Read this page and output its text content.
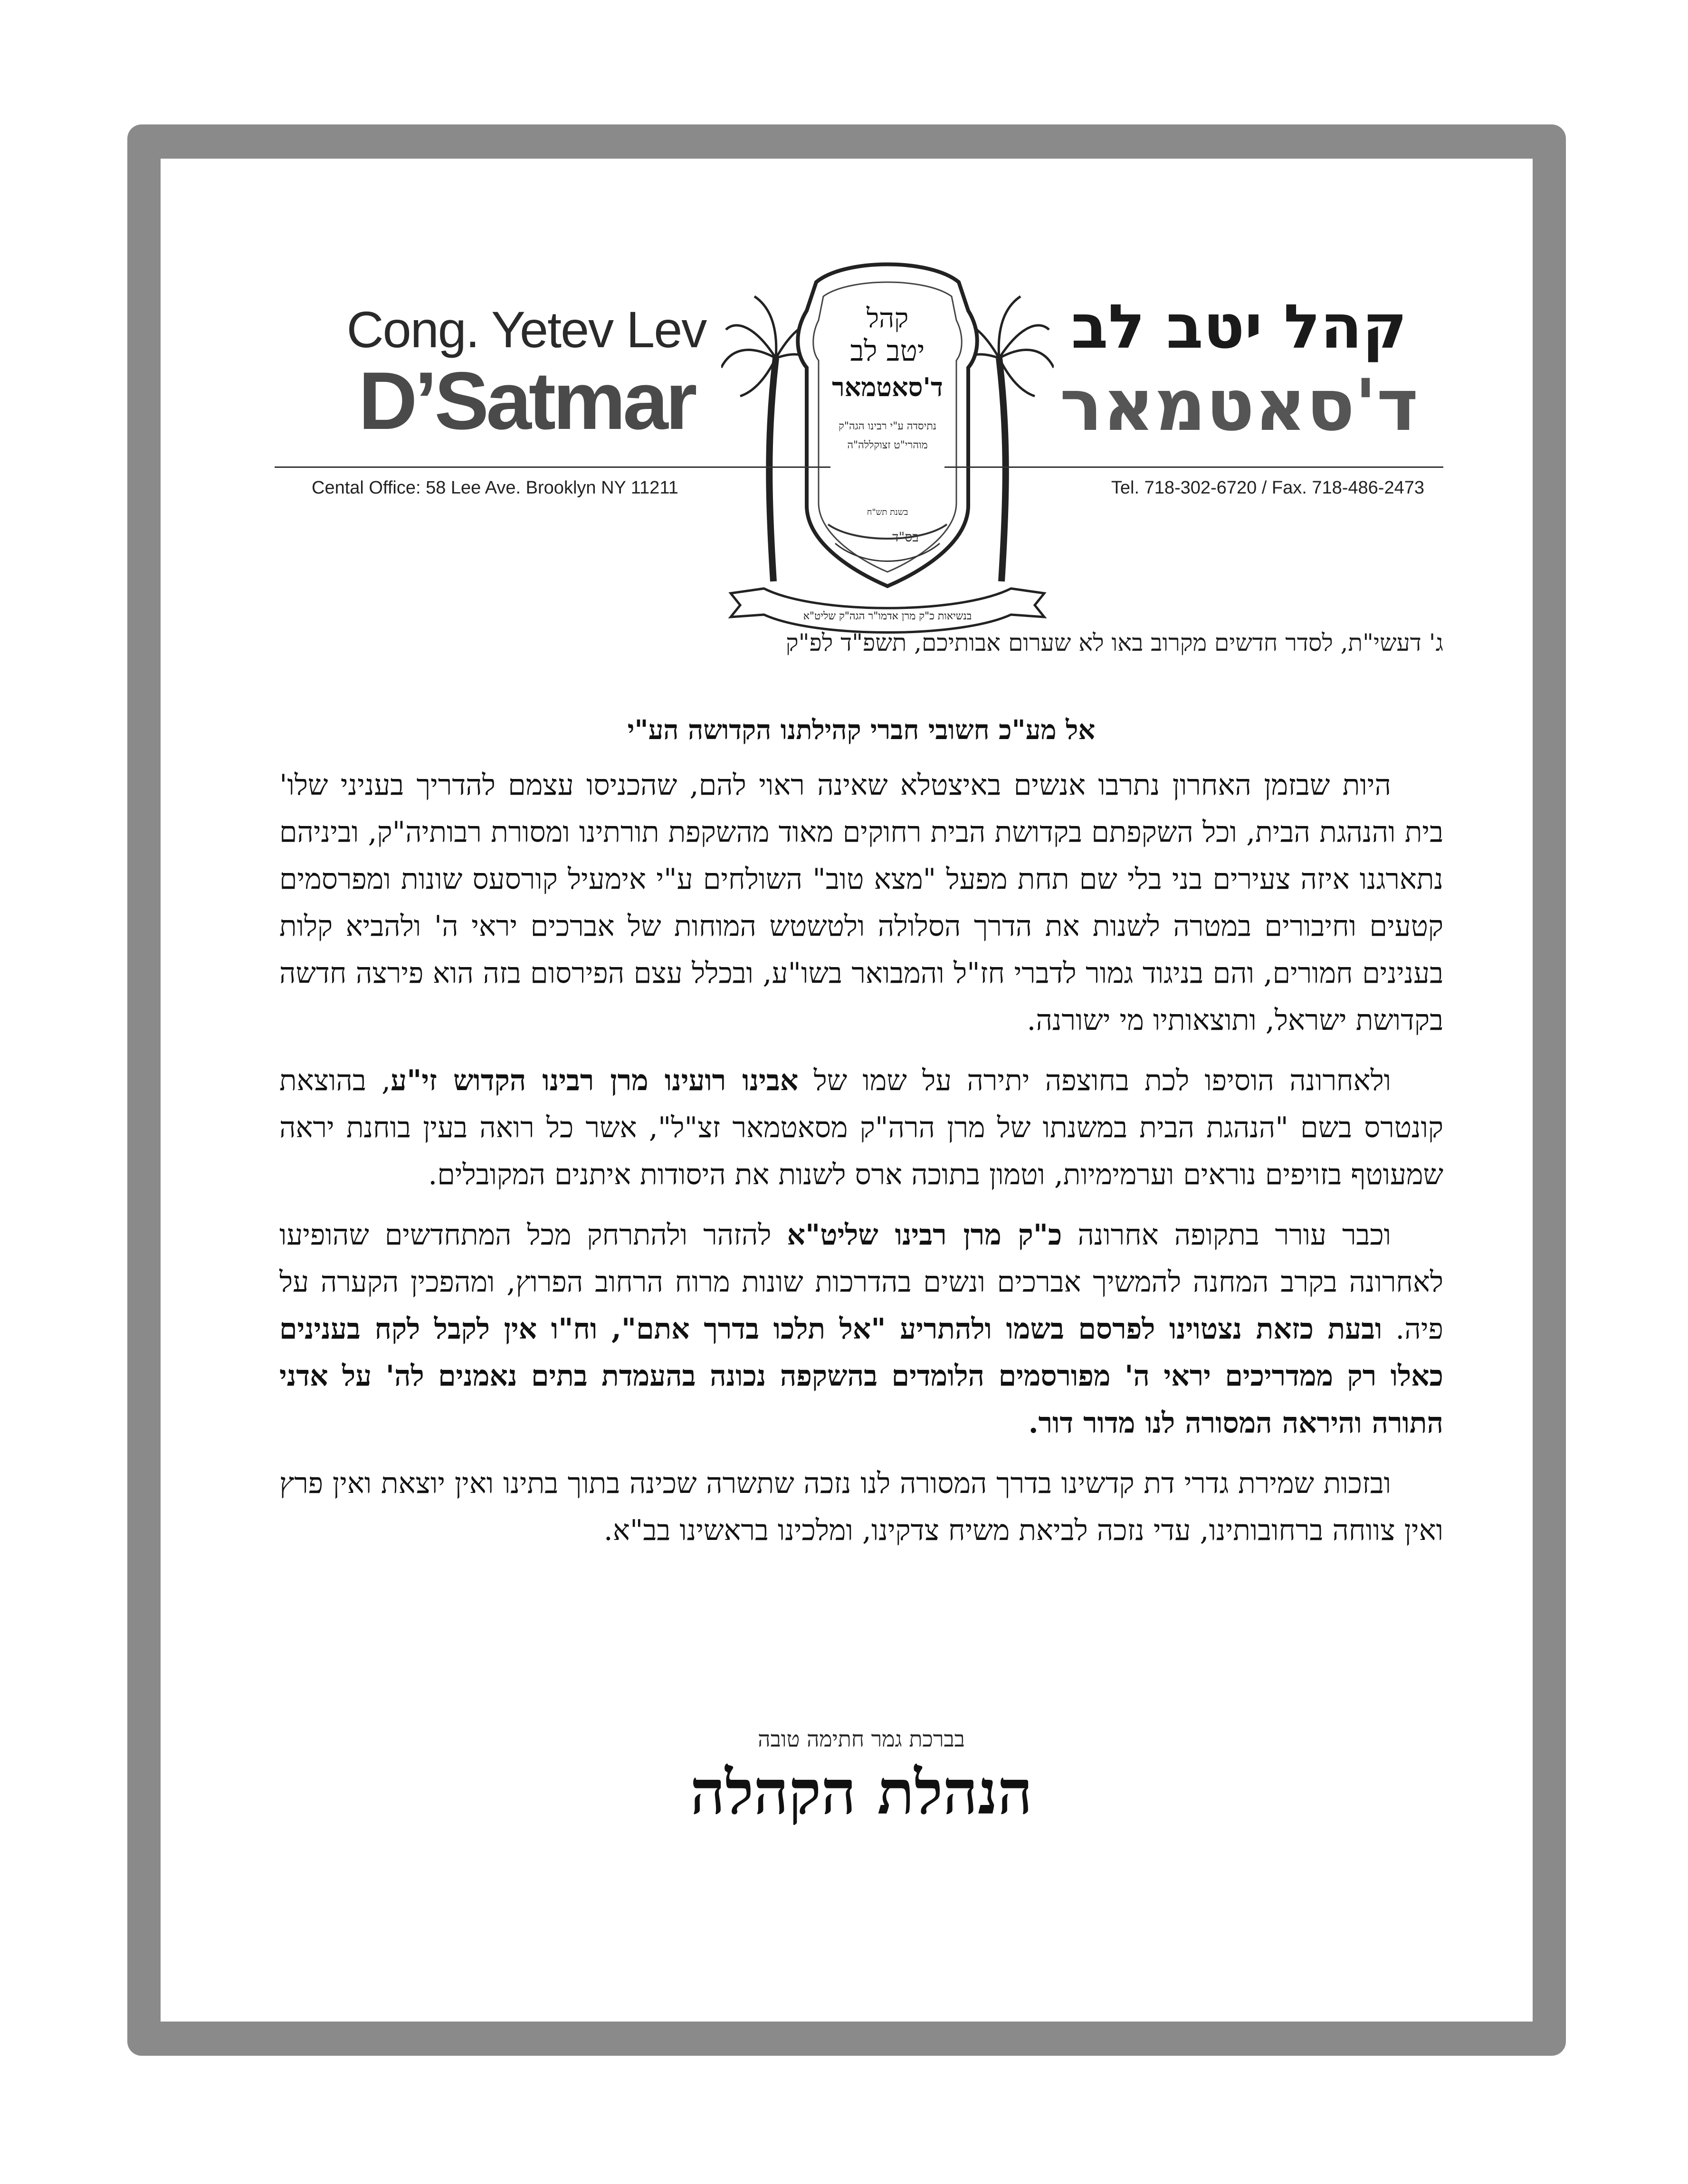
Cong. Yetev Lev
D’Satmar
קהל
יטב לב
ד'סאטמאר
נתיסדה ע"י רבינו הגה"ק
מוהרי"ט זצוקללה"ה
בשנת תש"ח
בנשיאות כ"ק מרן אדמו"ר הגה"ק שליט"א
קהל יטב לב
ד'סאטמאר
Cental Office: 58 Lee Ave. Brooklyn NY 11211	Tel. 718-302-6720 / Fax. 718-486-2473
בס"ד
ג' דעשי"ת, לסדר חדשים מקרוב באו לא שערום אבותיכם, תשפ"ד לפ"ק
אל מע"כ חשובי חברי קהילתנו הקדושה הע"י

היות שבזמן האחרון נתרבו אנשים באיצטלא שאינה ראוי להם, שהכניסו עצמם להדריך בעניני שלו' בית והנהגת הבית, וכל השקפתם בקדושת הבית רחוקים מאוד מהשקפת תורתינו ומסורת רבותיה"ק, וביניהם נתארגנו איזה צעירים בני בלי שם תחת מפעל "מצא טוב" השולחים ע"י אימעיל קורסעס שונות ומפרסמים קטעים וחיבורים במטרה לשנות את הדרך הסלולה ולטשטש המוחות של אברכים יראי ה' ולהביא קלות בענינים חמורים, והם בניגוד גמור לדברי חז"ל והמבואר בשו"ע, ובכלל עצם הפירסום בזה הוא פירצה חדשה בקדושת ישראל, ותוצאותיו מי ישורנה.

ולאחרונה הוסיפו לכת בחוצפה יתירה על שמו של אבינו רועינו מרן רבינו הקדוש זי"ע, בהוצאת קונטרס בשם "הנהגת הבית במשנתו של מרן הרה"ק מסאטמאר זצ"ל", אשר כל רואה בעין בוחנת יראה שמעוטף בזויפים נוראים וערמימיות, וטמון בתוכה ארס לשנות את היסודות איתנים המקובלים.

וכבר עורר בתקופה אחרונה כ"ק מרן רבינו שליט"א להזהר ולהתרחק מכל המתחדשים שהופיעו לאחרונה בקרב המחנה להמשיך אברכים ונשים בהדרכות שונות מרוח הרחוב הפרוץ, ומהפכין הקערה על פיה. ובעת כזאת נצטוינו לפרסם בשמו ולהתריע "אל תלכו בדרך אתם", וח"ו אין לקבל לקח בענינים כאלו רק ממדריכים יראי ה' מפורסמים הלומדים בהשקפה נכונה בהעמדת בתים נאמנים לה' על אדני התורה והיראה המסורה לנו מדור דור.

ובזכות שמירת גדרי דת קדשינו בדרך המסורה לנו נזכה שתשרה שכינה בתוך בתינו ואין יוצאת ואין פרץ ואין צווחה ברחובותינו, עדי נזכה לביאת משיח צדקינו, ומלכינו בראשינו בב"א.

בברכת גמר חתימה טובה
הנהלת הקהלה
